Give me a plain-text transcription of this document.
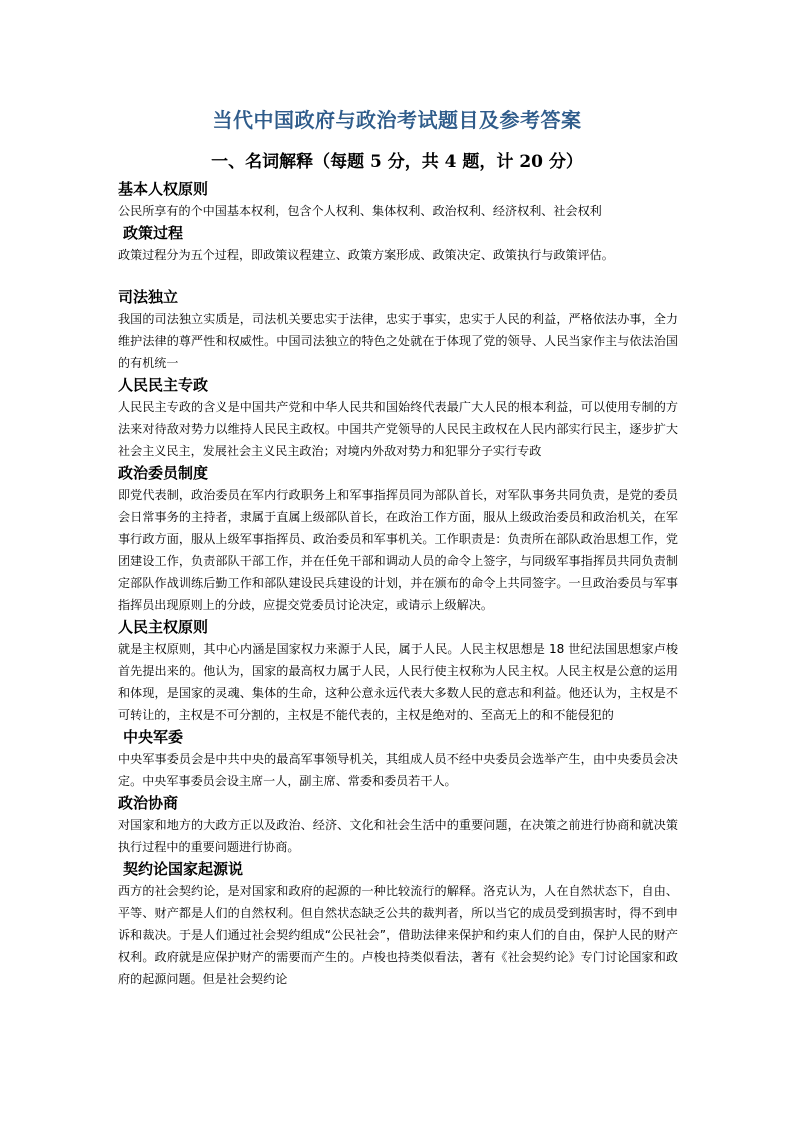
当代中国政府与政治考试题目及参考答案
一、名词解释（每题 5 分，共 4 题，计 20 分）
基本人权原则
公民所享有的个中国基本权利，包含个人权利、集体权利、政治权利、经济权利、社会权利
政策过程
政策过程分为五个过程，即政策议程建立、政策方案形成、政策决定、政策执行与政策评估。
司法独立
我国的司法独立实质是，司法机关要忠实于法律，忠实于事实，忠实于人民的利益，严格依法办事，全力维护法律的尊严性和权威性。中国司法独立的特色之处就在于体现了党的领导、人民当家作主与依法治国的有机统一
人民民主专政
人民民主专政的含义是中国共产党和中华人民共和国始终代表最广大人民的根本利益，可以使用专制的方法来对待敌对势力以维持人民民主政权。中国共产党领导的人民民主政权在人民内部实行民主，逐步扩大社会主义民主，发展社会主义民主政治；对境内外敌对势力和犯罪分子实行专政
政治委员制度
即党代表制，政治委员在军内行政职务上和军事指挥员同为部队首长，对军队事务共同负责，是党的委员会日常事务的主持者，隶属于直属上级部队首长，在政治工作方面，服从上级政治委员和政治机关，在军事行政方面，服从上级军事指挥员、政治委员和军事机关。工作职责是：负责所在部队政治思想工作，党团建设工作，负责部队干部工作，并在任免干部和调动人员的命令上签字，与同级军事指挥员共同负责制定部队作战训练后勤工作和部队建设民兵建设的计划，并在颁布的命令上共同签字。一旦政治委员与军事指挥员出现原则上的分歧，应提交党委员讨论决定，或请示上级解决。
人民主权原则
就是主权原则，其中心内涵是国家权力来源于人民，属于人民。人民主权思想是 18 世纪法国思想家卢梭首先提出来的。他认为，国家的最高权力属于人民，人民行使主权称为人民主权。人民主权是公意的运用和体现，是国家的灵魂、集体的生命，这种公意永远代表大多数人民的意志和利益。他还认为，主权是不可转让的，主权是不可分割的，主权是不能代表的，主权是绝对的、至高无上的和不能侵犯的
中央军委
中央军事委员会是中共中央的最高军事领导机关，其组成人员不经中央委员会选举产生，由中央委员会决定。中央军事委员会设主席一人，副主席、常委和委员若干人。
政治协商
对国家和地方的大政方正以及政治、经济、文化和社会生活中的重要问题，在决策之前进行协商和就决策执行过程中的重要问题进行协商。
契约论国家起源说
西方的社会契约论，是对国家和政府的起源的一种比较流行的解释。洛克认为，人在自然状态下，自由、平等、财产都是人们的自然权利。但自然状态缺乏公共的裁判者，所以当它的成员受到损害时，得不到申诉和裁决。于是人们通过社会契约组成“公民社会”，借助法律来保护和约束人们的自由，保护人民的财产权利。政府就是应保护财产的需要而产生的。卢梭也持类似看法，著有《社会契约论》专门讨论国家和政府的起源问题。但是社会契约论
